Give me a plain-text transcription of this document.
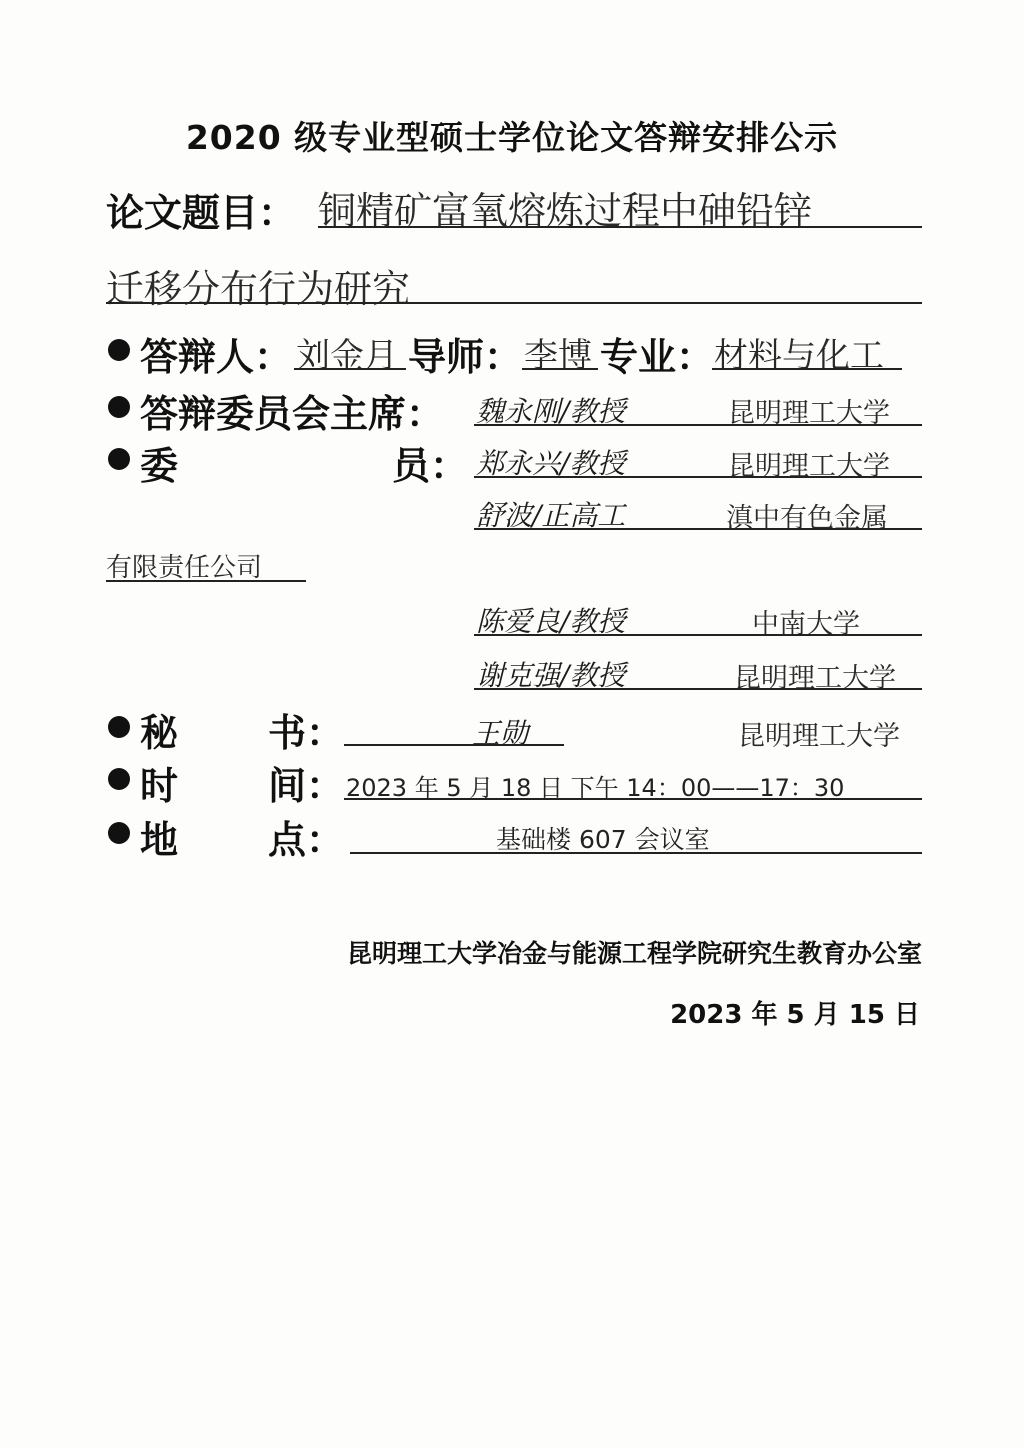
2020 级专业型硕士学位论文答辩安排公示
论文题目： 铜精矿富氧熔炼过程中砷铅锌
迁移分布行为研究
答辩人： 刘金月 导师： 李博 专业： 材料与化工
答辩委员会主席： 魏永刚/教授	昆明理工大学
委	员： 郑永兴/教授	昆明理工大学
舒波/正高工	滇中有色金属
有限责任公司
陈爱良/教授	中南大学
谢克强/教授	昆明理工大学
秘 书：	王勋	昆明理工大学
时 间： 2023 年 5 月 18 日 下午 14：00——17：30
地 点：	基础楼 607 会议室
昆明理工大学冶金与能源工程学院研究生教育办公室
2023 年 5 月 15 日
